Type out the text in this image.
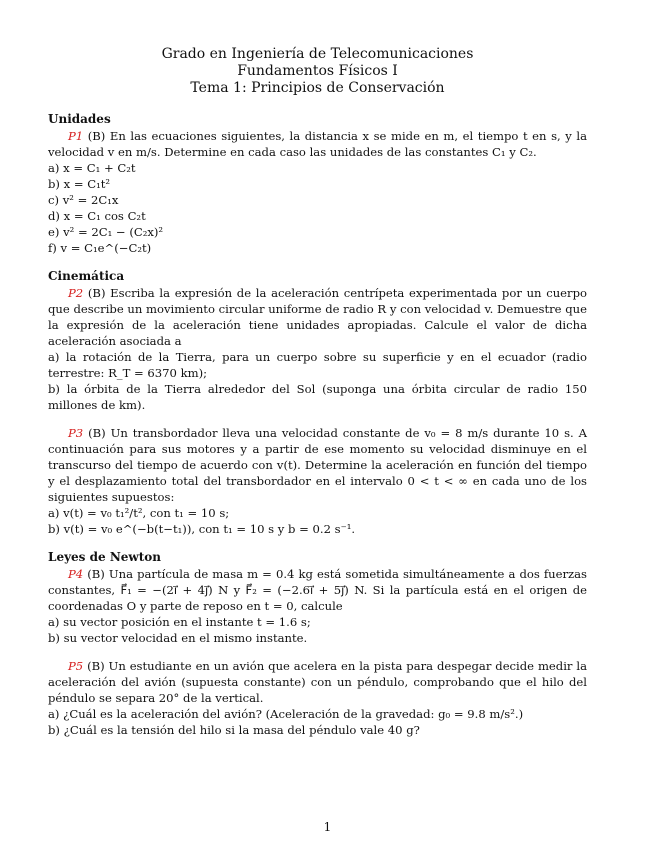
Grado en Ingeniería de Telecomunicaciones

Fundamentos Físicos I

Tema 1: Principios de Conservación

Unidades

P1 (B) En las ecuaciones siguientes, la distancia x se mide en m, el tiempo t en s, y la velocidad v en m/s. Determine en cada caso las unidades de las constantes C₁ y C₂.

a) x = C₁ + C₂t

b) x = C₁t²

c) v² = 2C₁x

d) x = C₁ cos C₂t

e) v² = 2C₁ − (C₂x)²

f) v = C₁e^(−C₂t)

Cinemática

P2 (B) Escriba la expresión de la aceleración centrípeta experimentada por un cuerpo que describe un movimiento circular uniforme de radio R y con velocidad v. Demuestre que la expresión de la aceleración tiene unidades apropiadas. Calcule el valor de dicha aceleración asociada a

a) la rotación de la Tierra, para un cuerpo sobre su superficie y en el ecuador (radio terrestre: R_T = 6370 km);

b) la órbita de la Tierra alrededor del Sol (suponga una órbita circular de radio 150 millones de km).

P3 (B) Un transbordador lleva una velocidad constante de v₀ = 8 m/s durante 10 s. A continuación para sus motores y a partir de ese momento su velocidad disminuye en el transcurso del tiempo de acuerdo con v(t). Determine la aceleración en función del tiempo y el desplazamiento total del transbordador en el intervalo 0 < t < ∞ en cada uno de los siguientes supuestos:

a) v(t) = v₀ t₁²/t², con t₁ = 10 s;

b) v(t) = v₀ e^(−b(t−t₁)), con t₁ = 10 s y b = 0.2 s⁻¹.

Leyes de Newton

P4 (B) Una partícula de masa m = 0.4 kg está sometida simultáneamente a dos fuerzas constantes, F⃗₁ = −(2i⃗ + 4j⃗) N y F⃗₂ = (−2.6i⃗ + 5j⃗) N. Si la partícula está en el origen de coordenadas O y parte de reposo en t = 0, calcule

a) su vector posición en el instante t = 1.6 s;

b) su vector velocidad en el mismo instante.

P5 (B) Un estudiante en un avión que acelera en la pista para despegar decide medir la aceleración del avión (supuesta constante) con un péndulo, comprobando que el hilo del péndulo se separa 20° de la vertical.

a) ¿Cuál es la aceleración del avión? (Aceleración de la gravedad: g₀ = 9.8 m/s².)

b) ¿Cuál es la tensión del hilo si la masa del péndulo vale 40 g?

1
